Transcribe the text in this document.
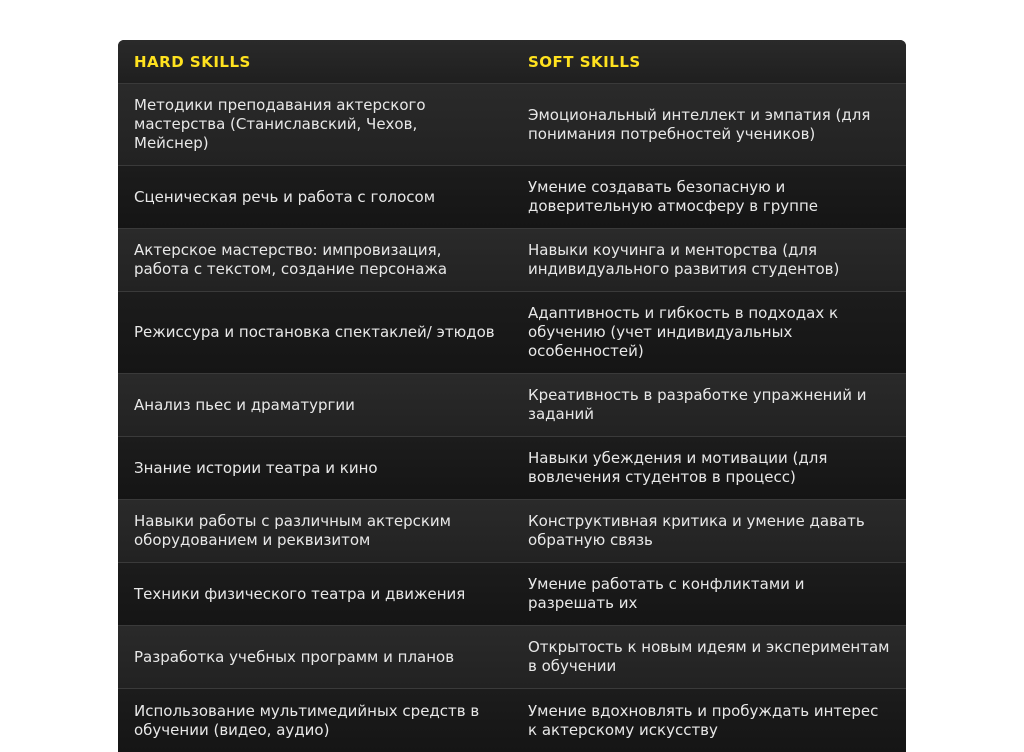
HARD SKILLS	SOFT SKILLS
Методики преподавания актерского мастерства (Станиславский, Чехов, Мейснер)
Эмоциональный интеллект и эмпатия (для понимания потребностей учеников)
Сценическая речь и работа с голосом
Умение создавать безопасную и доверительную атмосферу в группе
Актерское мастерство: импровизация, работа с текстом, создание персонажа
Навыки коучинга и менторства (для индивидуального развития студентов)
Режиссура и постановка спектаклей/ этюдов
Адаптивность и гибкость в подходах к обучению (учет индивидуальных особенностей)
Анализ пьес и драматургии
Креативность в разработке упражнений и заданий
Знание истории театра и кино
Навыки убеждения и мотивации (для вовлечения студентов в процесс)
Навыки работы с различным актерским оборудованием и реквизитом
Конструктивная критика и умение давать обратную связь
Техники физического театра и движения
Умение работать с конфликтами и разрешать их
Разработка учебных программ и планов
Открытость к новым идеям и экспериментам в обучении
Использование мультимедийных средств в обучении (видео, аудио)
Умение вдохновлять и пробуждать интерес к актерскому искусству
